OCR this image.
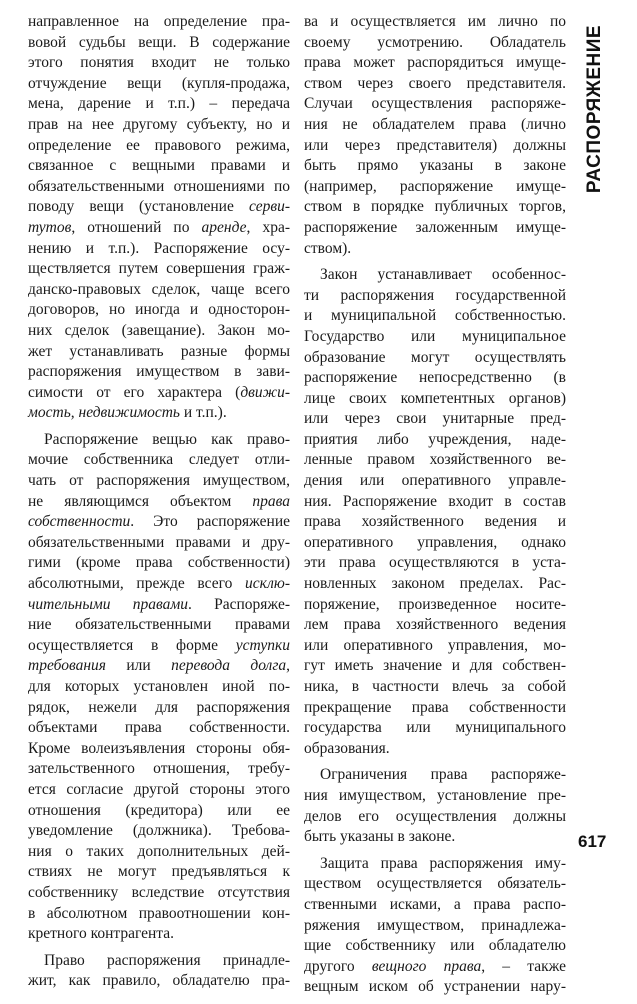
направленное на определение пра-
вовой судьбы вещи. В содержание
этого понятия входит не только
отчуждение вещи (купля-продажа,
мена, дарение и т.п.) – передача
прав на нее другому субъекту, но и
определение ее правового режима,
связанное с вещными правами и
обязательственными отношениями по
поводу вещи (установление серви-
тутов, отношений по аренде, хра-
нению и т.п.). Распоряжение осу-
ществляется путем совершения граж-
данско-правовых сделок, чаще всего
договоров, но иногда и односторон-
них сделок (завещание). Закон мо-
жет устанавливать разные формы
распоряжения имуществом в зави-
симости от его характера (движи-
мость, недвижимость и т.п.).

Распоряжение вещью как право-
мочие собственника следует отли-
чать от распоряжения имуществом,
не являющимся объектом права
собственности. Это распоряжение
обязательственными правами и дру-
гими (кроме права собственности)
абсолютными, прежде всего исклю-
чительными правами. Распоряже-
ние обязательственными правами
осуществляется в форме уступки
требования или перевода долга,
для которых установлен иной по-
рядок, нежели для распоряжения
объектами права собственности.
Кроме волеизъявления стороны обя-
зательственного отношения, требу-
ется согласие другой стороны этого
отношения (кредитора) или ее
уведомление (должника). Требова-
ния о таких дополнительных дей-
ствиях не могут предъявляться к
собственнику вследствие отсутствия
в абсолютном правоотношении кон-
кретного контрагента.

Право распоряжения принадле-
жит, как правило, обладателю пра-

ва и осуществляется им лично по
своему усмотрению. Обладатель
права может распорядиться имуще-
ством через своего представителя.
Случаи осуществления распоряже-
ния не обладателем права (лично
или через представителя) должны
быть прямо указаны в законе
(например, распоряжение имуще-
ством в порядке публичных торгов,
распоряжение заложенным имуще-
ством).

Закон устанавливает особеннос-
ти распоряжения государственной
и муниципальной собственностью.
Государство или муниципальное
образование могут осуществлять
распоряжение непосредственно (в
лице своих компетентных органов)
или через свои унитарные пред-
приятия либо учреждения, наде-
ленные правом хозяйственного ве-
дения или оперативного управле-
ния. Распоряжение входит в состав
права хозяйственного ведения и
оперативного управления, однако
эти права осуществляются в уста-
новленных законом пределах. Рас-
поряжение, произведенное носите-
лем права хозяйственного ведения
или оперативного управления, мо-
гут иметь значение и для собствен-
ника, в частности влечь за собой
прекращение права собственности
государства или муниципального
образования.

Ограничения права распоряже-
ния имуществом, установление пре-
делов его осуществления должны
быть указаны в законе.

Защита права распоряжения иму-
ществом осуществляется обязатель-
ственными исками, а права распо-
ряжения имуществом, принадлежа-
щие собственнику или обладателю
другого вещного права, – также
вещным иском об устранении нару-

РАСПОРЯЖЕНИЕ
617
